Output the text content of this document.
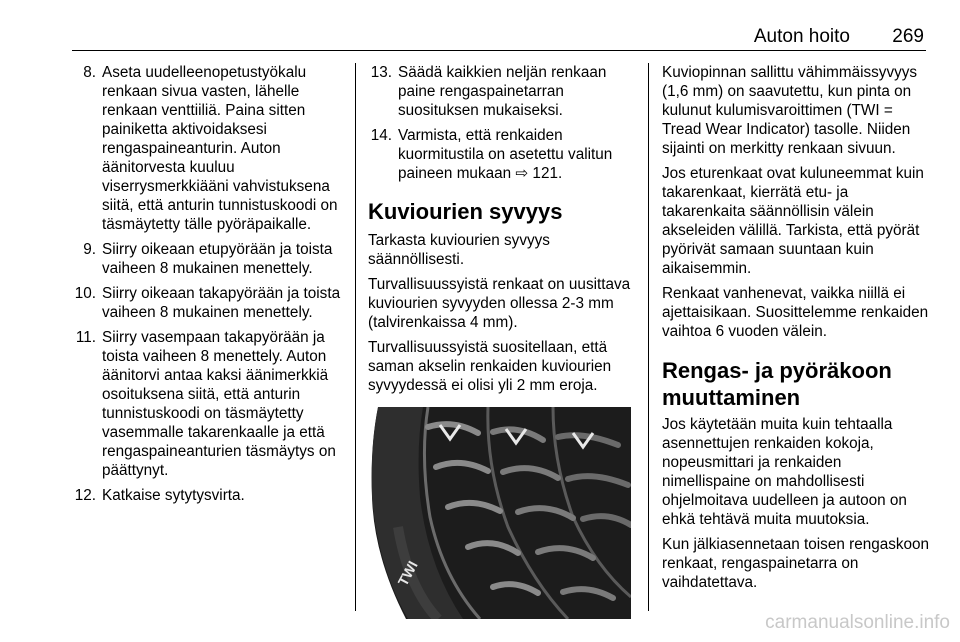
Auton hoito 269
8. Aseta uudelleenopetustyökalu renkaan sivua vasten, lähelle renkaan venttiiliä. Paina sitten painiketta aktivoidaksesi rengaspaineanturin. Auton äänitorvesta kuuluu viserrysmerkkiääni vahvistuksena siitä, että anturin tunnistuskoodi on täsmäytetty tälle pyöräpaikalle.
9. Siirry oikeaan etupyörään ja toista vaiheen 8 mukainen menettely.
10. Siirry oikeaan takapyörään ja toista vaiheen 8 mukainen menettely.
11. Siirry vasempaan takapyörään ja toista vaiheen 8 menettely. Auton äänitorvi antaa kaksi äänimerkkiä osoituksena siitä, että anturin tunnistuskoodi on täsmäytetty vasemmalle takarenkaalle ja että rengaspaineanturien täsmäytys on päättynyt.
12. Katkaise sytytysvirta.
13. Säädä kaikkien neljän renkaan paine rengaspainetarran suosituksen mukaiseksi.
14. Varmista, että renkaiden kuormitustila on asetettu valitun paineen mukaan ⇨ 121.
Kuviourien syvyys

Tarkasta kuviourien syvyys säännöllisesti.

Turvallisuussyistä renkaat on uusittava kuviourien syvyyden ollessa 2-3 mm (talvirenkaissa 4 mm).

Turvallisuussyistä suositellaan, että saman akselin renkaiden kuviourien syvyydessä ei olisi yli 2 mm eroja.

TWI

Kuviopinnan sallittu vähimmäissyvyys (1,6 mm) on saavutettu, kun pinta on kulunut kulumisvaroittimen (TWI = Tread Wear Indicator) tasolle. Niiden sijainti on merkitty renkaan sivuun.

Jos eturenkaat ovat kuluneemmat kuin takarenkaat, kierrätä etu- ja takarenkaita säännöllisin välein akseleiden välillä. Tarkista, että pyörät pyörivät samaan suuntaan kuin aikaisemmin.

Renkaat vanhenevat, vaikka niillä ei ajettaisikaan. Suosittelemme renkaiden vaihtoa 6 vuoden välein.

Rengas- ja pyöräkoon muuttaminen

Jos käytetään muita kuin tehtaalla asennettujen renkaiden kokoja, nopeusmittari ja renkaiden nimellispaine on mahdollisesti ohjelmoitava uudelleen ja autoon on ehkä tehtävä muita muutoksia.

Kun jälkiasennetaan toisen rengaskoon renkaat, rengaspainetarra on vaihdatettava.

carmanualsonline.info
